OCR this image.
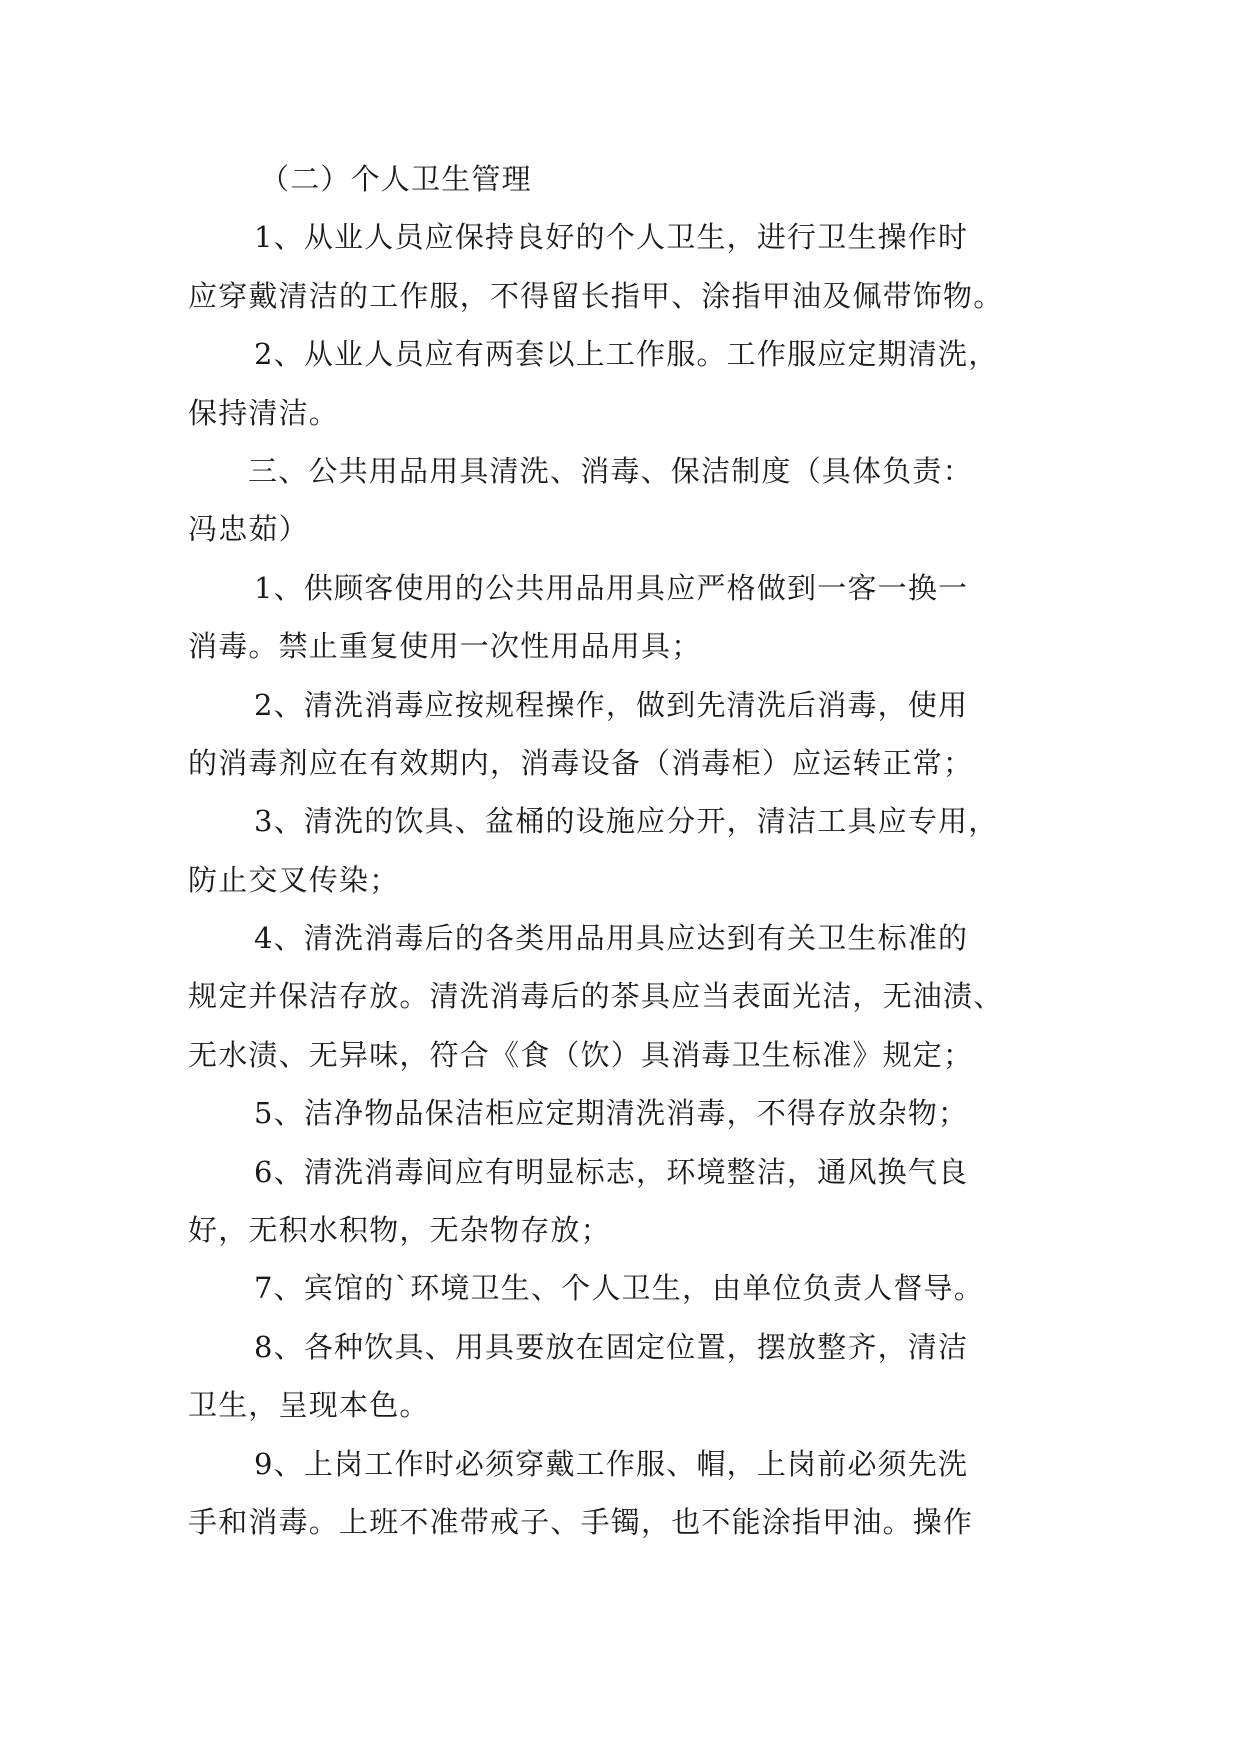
（二）个人卫生管理
1、从业人员应保持良好的个人卫生，进行卫生操作时
应穿戴清洁的工作服，不得留长指甲、涂指甲油及佩带饰物。
2、从业人员应有两套以上工作服。工作服应定期清洗，
保持清洁。
三、公共用品用具清洗、消毒、保洁制度（具体负责：
冯忠茹）
1、供顾客使用的公共用品用具应严格做到一客一换一
消毒。禁止重复使用一次性用品用具；
2、清洗消毒应按规程操作，做到先清洗后消毒，使用
的消毒剂应在有效期内，消毒设备（消毒柜）应运转正常；
3、清洗的饮具、盆桶的设施应分开，清洁工具应专用，
防止交叉传染；
4、清洗消毒后的各类用品用具应达到有关卫生标准的
规定并保洁存放。清洗消毒后的茶具应当表面光洁，无油渍、
无水渍、无异味，符合《食（饮）具消毒卫生标准》规定；
5、洁净物品保洁柜应定期清洗消毒，不得存放杂物；
6、清洗消毒间应有明显标志，环境整洁，通风换气良
好，无积水积物，无杂物存放；
7、宾馆的`环境卫生、个人卫生，由单位负责人督导。
8、各种饮具、用具要放在固定位置，摆放整齐，清洁
卫生，呈现本色。
9、上岗工作时必须穿戴工作服、帽，上岗前必须先洗
手和消毒。上班不准带戒子、手镯，也不能涂指甲油。操作
